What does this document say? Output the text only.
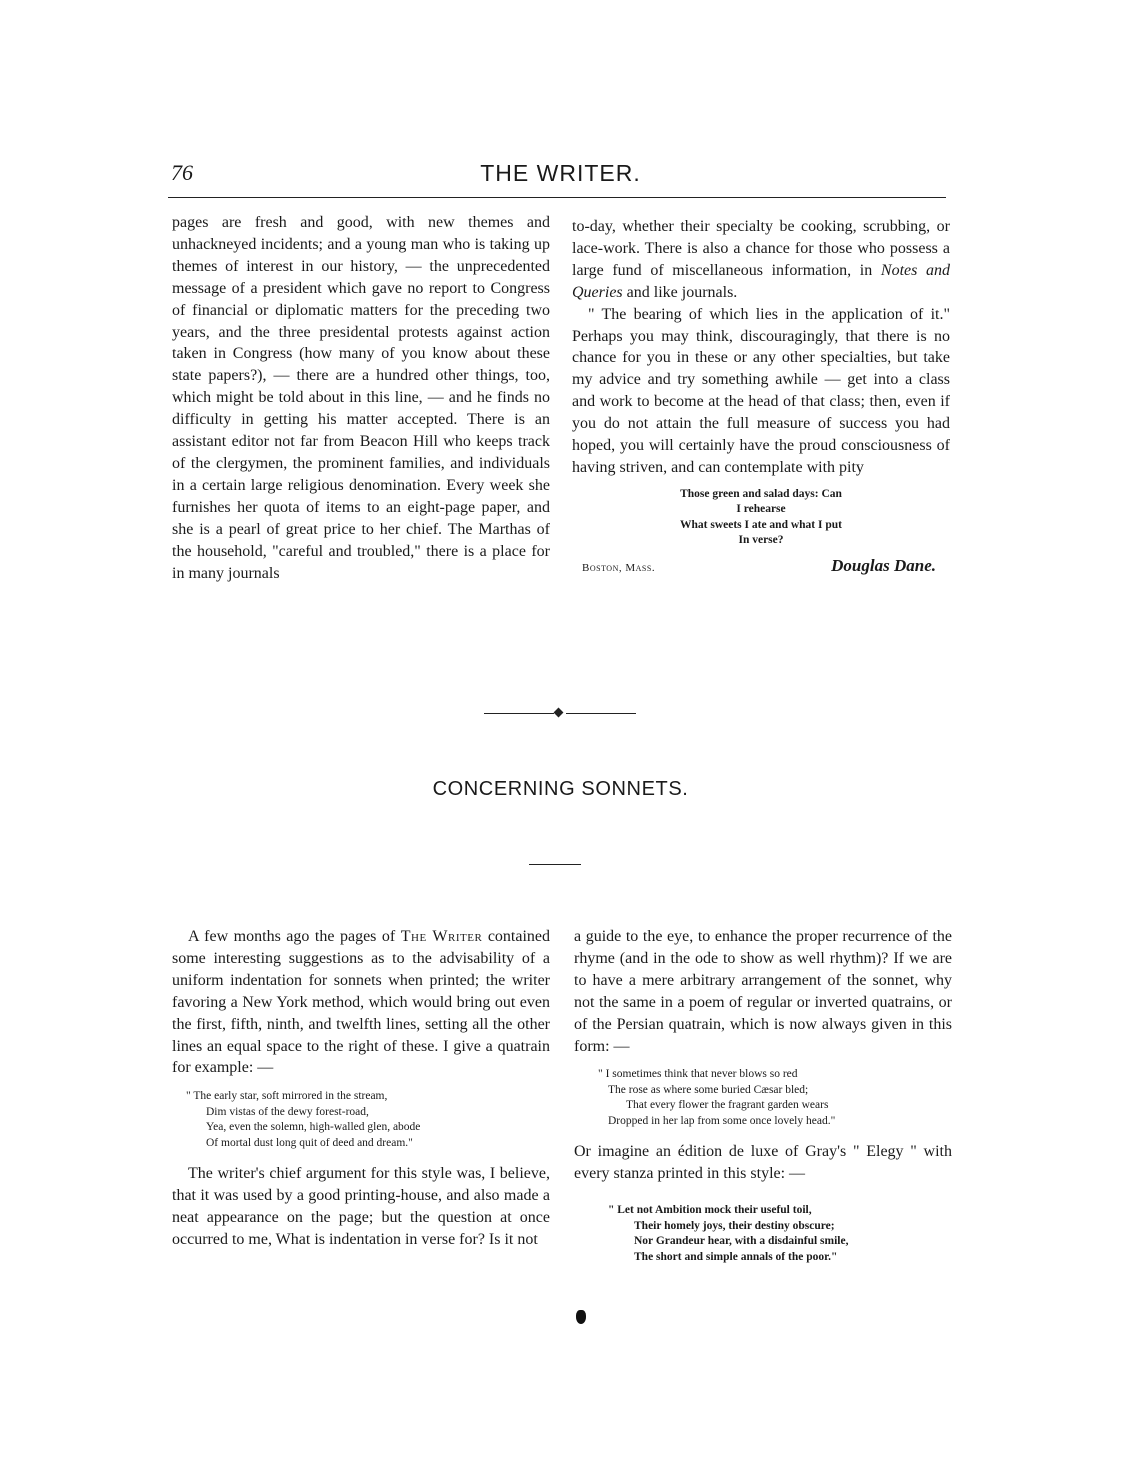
76	THE WRITER.

pages are fresh and good, with new themes and unhackneyed incidents; and a young man who is taking up themes of interest in our history, — the unprecedented message of a president which gave no report to Congress of financial or diplomatic matters for the preceding two years, and the three presidental protests against action taken in Congress (how many of you know about these state papers?), — there are a hundred other things, too, which might be told about in this line, — and he finds no difficulty in getting his matter accepted. There is an assistant editor not far from Beacon Hill who keeps track of the clergymen, the prominent families, and individuals in a certain large religious denomination. Every week she furnishes her quota of items to an eight-page paper, and she is a pearl of great price to her chief. The Marthas of the household, "careful and troubled," there is a place for in many journals

to-day, whether their specialty be cooking, scrubbing, or lace-work. There is also a chance for those who possess a large fund of miscellaneous information, in Notes and Queries and like journals.

" The bearing of which lies in the application of it." Perhaps you may think, discouragingly, that there is no chance for you in these or any other specialties, but take my advice and try something awhile — get into a class and work to become at the head of that class; then, even if you do not attain the full measure of success you had hoped, you will certainly have the proud consciousness of having striven, and can contemplate with pity

Those green and salad days: Can
I rehearse
What sweets I ate and what I put
In verse?
Boston, Mass.	Douglas Dane.
CONCERNING SONNETS.

A few months ago the pages of The Writer contained some interesting suggestions as to the advisability of a uniform indentation for sonnets when printed; the writer favoring a New York method, which would bring out even the first, fifth, ninth, and twelfth lines, setting all the other lines an equal space to the right of these. I give a quatrain for example: —

" The early star, soft mirrored in the stream,
Dim vistas of the dewy forest-road,
Yea, even the solemn, high-walled glen, abode
Of mortal dust long quit of deed and dream."

The writer's chief argument for this style was, I believe, that it was used by a good printing-house, and also made a neat appearance on the page; but the question at once occurred to me, What is indentation in verse for? Is it not

a guide to the eye, to enhance the proper recurrence of the rhyme (and in the ode to show as well rhythm)? If we are to have a mere arbitrary arrangement of the sonnet, why not the same in a poem of regular or inverted quatrains, or of the Persian quatrain, which is now always given in this form: —

" I sometimes think that never blows so red
The rose as where some buried Cæsar bled;
That every flower the fragrant garden wears
Dropped in her lap from some once lovely head."

Or imagine an édition de luxe of Gray's " Elegy " with every stanza printed in this style: —

" Let not Ambition mock their useful toil,
Their homely joys, their destiny obscure;
Nor Grandeur hear, with a disdainful smile,
The short and simple annals of the poor."
